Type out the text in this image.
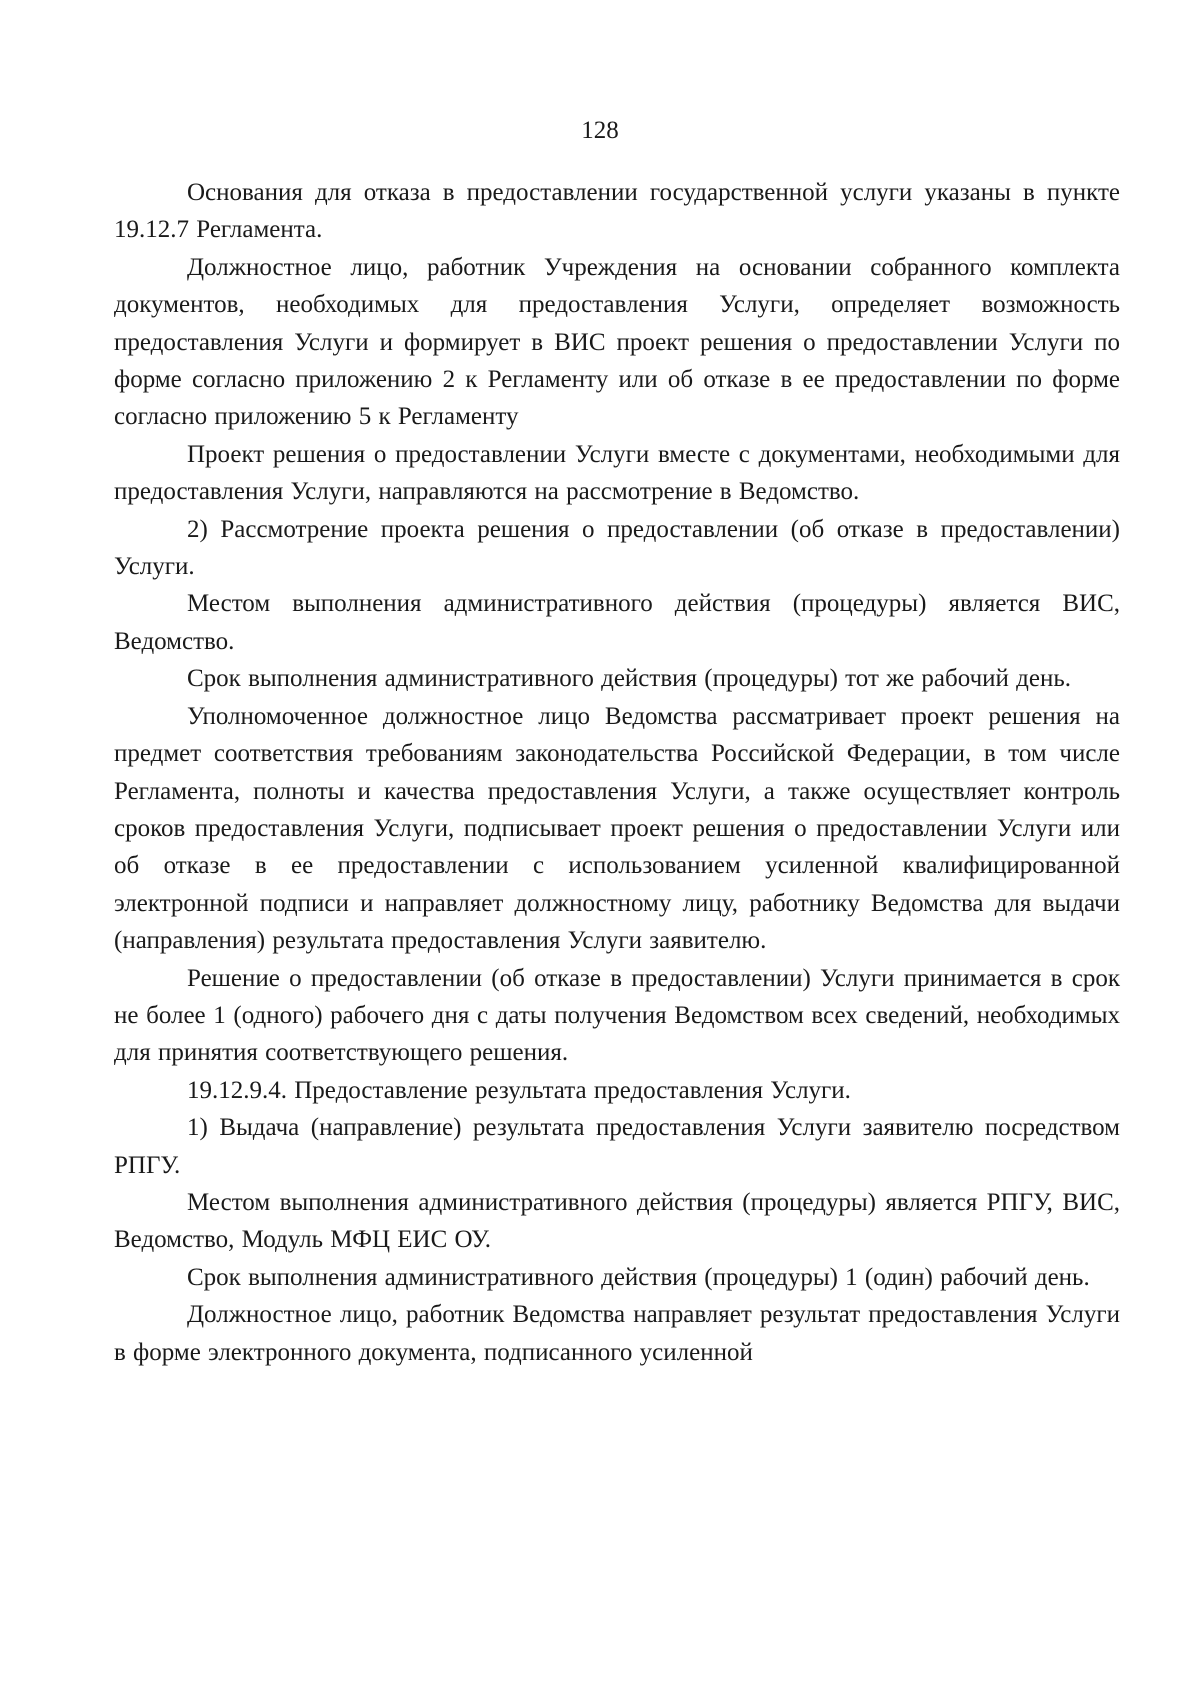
128

Основания для отказа в предоставлении государственной услуги указаны в пункте 19.12.7 Регламента.

Должностное лицо, работник Учреждения на основании собранного комплекта документов, необходимых для предоставления Услуги, определяет возможность предоставления Услуги и формирует в ВИС проект решения о предоставлении Услуги по форме согласно приложению 2 к Регламенту или об отказе в ее предоставлении по форме согласно приложению 5 к Регламенту

Проект решения о предоставлении Услуги вместе с документами, необходимыми для предоставления Услуги, направляются на рассмотрение в Ведомство.

2) Рассмотрение проекта решения о предоставлении (об отказе в предоставлении) Услуги.

Местом выполнения административного действия (процедуры) является ВИС, Ведомство.

Срок выполнения административного действия (процедуры) тот же рабочий день.

Уполномоченное должностное лицо Ведомства рассматривает проект решения на предмет соответствия требованиям законодательства Российской Федерации, в том числе Регламента, полноты и качества предоставления Услуги, а также осуществляет контроль сроков предоставления Услуги, подписывает проект решения о предоставлении Услуги или об отказе в ее предоставлении с использованием усиленной квалифицированной электронной подписи и направляет должностному лицу, работнику Ведомства для выдачи (направления) результата предоставления Услуги заявителю.

Решение о предоставлении (об отказе в предоставлении) Услуги принимается в срок не более 1 (одного) рабочего дня с даты получения Ведомством всех сведений, необходимых для принятия соответствующего решения.

19.12.9.4. Предоставление результата предоставления Услуги.

1) Выдача (направление) результата предоставления Услуги заявителю посредством РПГУ.

Местом выполнения административного действия (процедуры) является РПГУ, ВИС, Ведомство, Модуль МФЦ ЕИС ОУ.

Срок выполнения административного действия (процедуры) 1 (один) рабочий день.

Должностное лицо, работник Ведомства направляет результат предоставления Услуги в форме электронного документа, подписанного усиленной
